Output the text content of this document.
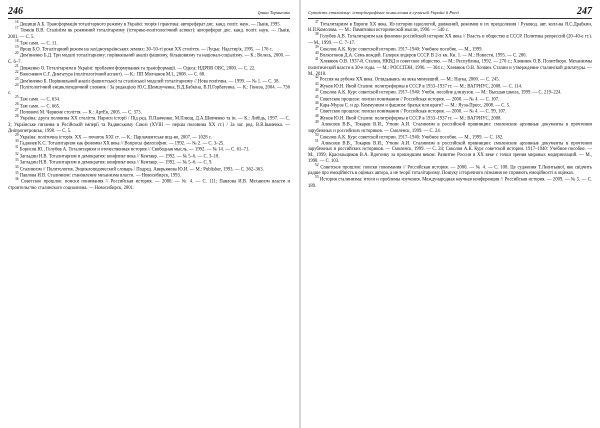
246	Ірина Тараненко

$^{16}$ Дещиця А.Б. Трансформація тоталітарного режиму в Україні: теорія і практика: автореферат дис. канд. політ. наук. — Львів, 1995.

$^{17}$ Томків В.В. Сталінізм як режимний тоталітаризму (історико-політологічний аспект): автореферат дис. канд. політ. наук. — Львів, 2001. — С. 5.

$^{18}$ Там само. — С. 11.

$^{19}$ Ярош Б.О. Тоталітарний режим на західноукраїнських землях: 30–50-ті роки XX століття. — Луцьк: Надстир'я, 1995. — 176 с.

$^{20}$ Дем'яненко Б.Д. Три моделі тоталітаризму: порівняльний аналіз фашизму, більшовизму та націонал-соціалізму. — К.: Велесь, 2000. — С. 6–7.

$^{21}$ Довженко О. Тоталітаризм в Україні: проблеми формування та трансформації. — Одеса: НДРВВ ОВС, 2000. — С. 22.

$^{22}$ Вжесневич С.Г. Диктатура (політологічний аспект). — К.: ПП Молчанов М.І., 2008. — С. 68.

$^{23}$ Дем'яненко Б. Порівняльний аналіз фашистської та сталінської моделей тоталітаризму // Нова політика. — 1999. — № 1. — С. 38.

$^{24}$ Політологічний енциклопедичний словник / За редакцією Ю.С.Шемшученка, В.Д.Бабкіна, В.П.Горбатенка. — К.: Генеза, 2004. — 736 с.

$^{25}$ Там само. — С. 634.

$^{26}$ Там само. — С. 665.

$^{27}$ Поповичі М. Червоне століття. — К.: АртЕк, 2005. — С. 373.

$^{28}$ Україна: друга половина XX століття. Нариси історії / Під ред. П.Панченко, М.Плющ, Д.А.Шевченко та ін. — К.: Либідь, 1997. — С. 3; Українське питання в Російській імперії та Радянському Союзі (XVIII — перша половина XX ст.) / За заг. ред. В.В.Іваненка. — Дніпропетровськ, 1998. — С. 5.

$^{29}$ Україна: політична історія. XX — початок XXI ст. — К.: Парламентське вид-во, 2007. — 1028 с.

$^{30}$ Гаджиев К.С. Тоталитаризм как феномен XX века // Вопросы философии. — 1992. — № 2. — С. 3–25.

$^{31}$ Борисов Ю., Голубев А. Тоталитаризм и отечественная история // Свободная мысль. — 1992. — № 14. — С. 61–71.

$^{32}$ Загладин Н.В. Тоталитаризм и демократия: конфликт века // Кентавр. — 1992. — № 5–6. — С. 3–18.

$^{33}$ Загладин Н.В. Тоталитаризм и демократия: конфликт века // Кентавр. — 1992. — № 5–6. — С. 9.

$^{34}$ Сталинизм // Политология. Энциклопедический словарь / Подред. Аверьянова Ю.И. — М.: Publisher, 1993. — С. 362–363.

$^{35}$ Павлова И.В. Сталинизм: становление механизма власти. — Новосибирск, 1993.

$^{36}$ Советское прошлое: поиски понимания // Российская история. — 2000. — № 4. — С. 111; Павлова И.В. Механизм власти и строительство сталинского социализма. — Новосибирск, 2001.

Сутність сталінізму: історіографічне осмислення в сучасній Україні й Росії	247

$^{37}$ Тоталитаризм в Европе XX века. Из истории идеологий, движений, режимов и их преодоления / Руковод. авт. колл-ва Я.С.Драбкин, Н.П.Комолова. — М.: Памятники исторической мысли, 1996. — 540 с.

$^{38}$ Голубев А.В. Тоталитаризм как феномен российской истории XX века // Власть и общество в СССР. Политика репрессий (20–40-е гг.). — М., 1999. — С. 7–17.

$^{39}$ Соколов А.К. Курс советской истории. 1917–1940: Учебное пособие. — М., 1999.

$^{40}$ Волкогонов Д.А. Семь вождей. Галерея лидеров СССР. В 2-х кн. Кн. 1. — М.: Новости, 1995. — С. 200.

$^{41}$ Хлевнюк О.В. 1937-й. Сталин, НКВД и советское общество. — М.: Республика, 1992. — 270 с.; Хлевнюк О.В. Политбюро. Механизмы политической власти в 30-е годы. — М.: РОССПЭН, 1996. — 304 с.; Хлевнюк О.В. Хозяин. Сталин и утверждение сталинской диктатуры. — М., 2010.

$^{42}$ Россия на рубеже XX века. Оглядываясь на века минувший. — М.: Наука, 2000. — С. 245.

$^{43}$ Жуков Ю.Н. Иной Сталин: политреформы в СССР в 1933–1937 гг. — М.: ВАГРИУС, 2008. — С. 114.

$^{44}$ Соколов А.К. Курс советской истории. 1917–1940: Учебн. пособие для вузов. — М.: Высшая школа, 1999. — С. 219–224.

$^{45}$ Советское прошлое: поиски понимания // Российская история. — 2000. — № 4. — С. 107.

$^{46}$ Кара-Мурза С. и др. Коммунизм и фашизм: братья или враги? — М.: Яуза-Пресс, 2008. — С. 5.

$^{47}$ Советское прошлое: поиски понимания // Российская история. — 2000. — № 4. — С. 99, 107.

$^{48}$ Жуков Ю.Н. Иной Сталин: политреформы в СССР в 1933–1937 гг. — М.: ВАГРИУС, 2008.

$^{49}$ Алексеев В.В., Токарев В.И., Уткин А.И. Сталинизм в российской провинции: смоленские архивные документы в прочтении зарубежных и российских историков. — Смоленск, 1999. — С. 24.

$^{50}$ Соколов А.К. Курс советской истории. 1917–1940: Учебное пособие. — М., 1999. — С. 182.

$^{51}$ Алексеев В.В., Токарев В.И., Уткин А.И. Сталинизм в российской провинции: смоленские архивные документы в прочтении зарубежных и российских историков. — Смоленск, 1999. — С. 24; Соколов А.К. Курс советской истории. 1917–1940: Учебное пособие. — М., 1999; Красильщиков В.А. Вдогонку за прошедшим веком: Развитие России в XX веке с точки зрения мировых модернизаций. — М., 1998. — С. 103.

$^{52}$ Советское прошлое: поиски понимания // Российская история. — 2000. — № 4. — С. 108. Це судження Т.Леонтьевої, яке свідчить радше про емоційність в оцінках автора, а не теорії тоталітаризму. Пошуку історичного пізнання не сприяють емоційності в оцінках.

$^{53}$ История сталинизма: итоги и проблемы изучения. Международная научная конференция // Российская история. — 2009. — № 5. — С. 189.
